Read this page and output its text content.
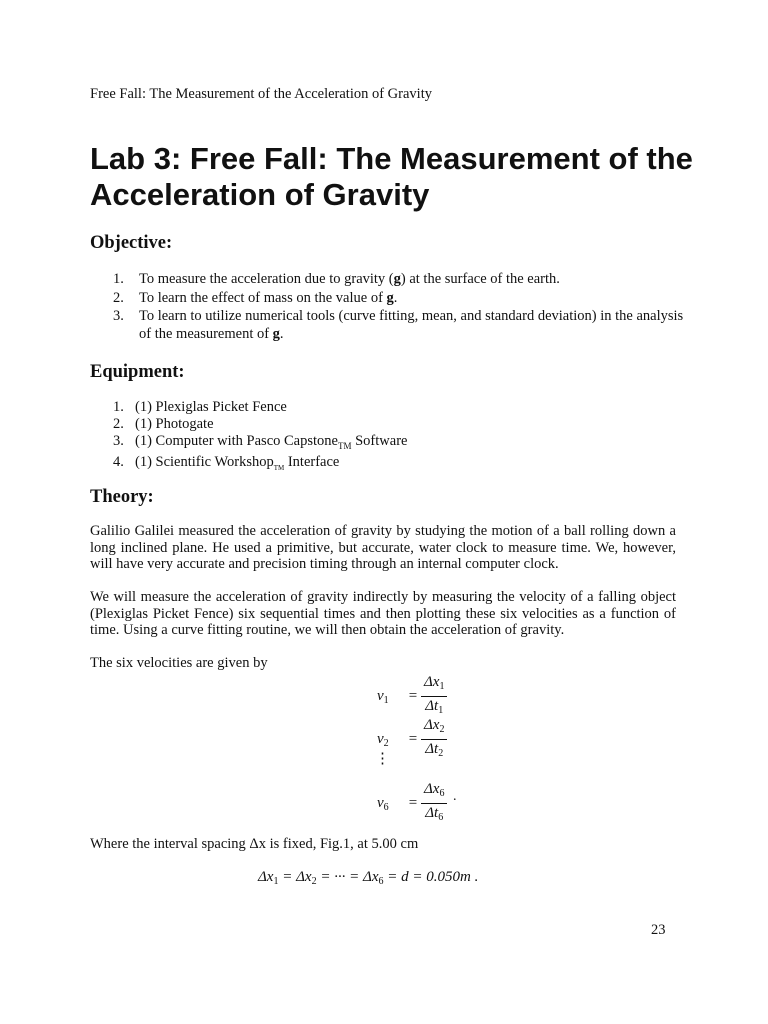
Free Fall: The Measurement of the Acceleration of Gravity
Lab 3: Free Fall: The Measurement of the Acceleration of Gravity
Objective:
1.	To measure the acceleration due to gravity (g) at the surface of the earth.
2.	To learn the effect of mass on the value of g.
3.	To learn to utilize numerical tools (curve fitting, mean, and standard deviation) in the analysis of the measurement of g.
Equipment:
1. (1) Plexiglas Picket Fence
2. (1) Photogate
3. (1) Computer with Pasco Capstone$_{TM}$ Software
4. (1) Scientific Workshop$_{TM}$ Interface
Theory:

Galilio Galilei measured the acceleration of gravity by studying the motion of a ball rolling down a long inclined plane. He used a primitive, but accurate, water clock to measure time. We, however, will have very accurate and precision timing through an internal computer clock.

We will measure the acceleration of gravity indirectly by measuring the velocity of a falling object (Plexiglas Picket Fence) six sequential times and then plotting these six velocities as a function of time. Using a curve fitting routine, we will then obtain the acceleration of gravity.

The six velocities are given by

$v_1$	= $\frac{\Delta x_1}{\Delta t_1}$
$v_2$	= $\frac{\Delta x_2}{\Delta t_2}$
⋮
$v_6$	= $\frac{\Delta x_6}{\Delta t_6}$ .

Where the interval spacing Δx is fixed, Fig.1, at 5.00 cm

$\Delta x_1 = \Delta x_2$ = ··· = $\Delta x_6 = d = 0.050m$ .
23
